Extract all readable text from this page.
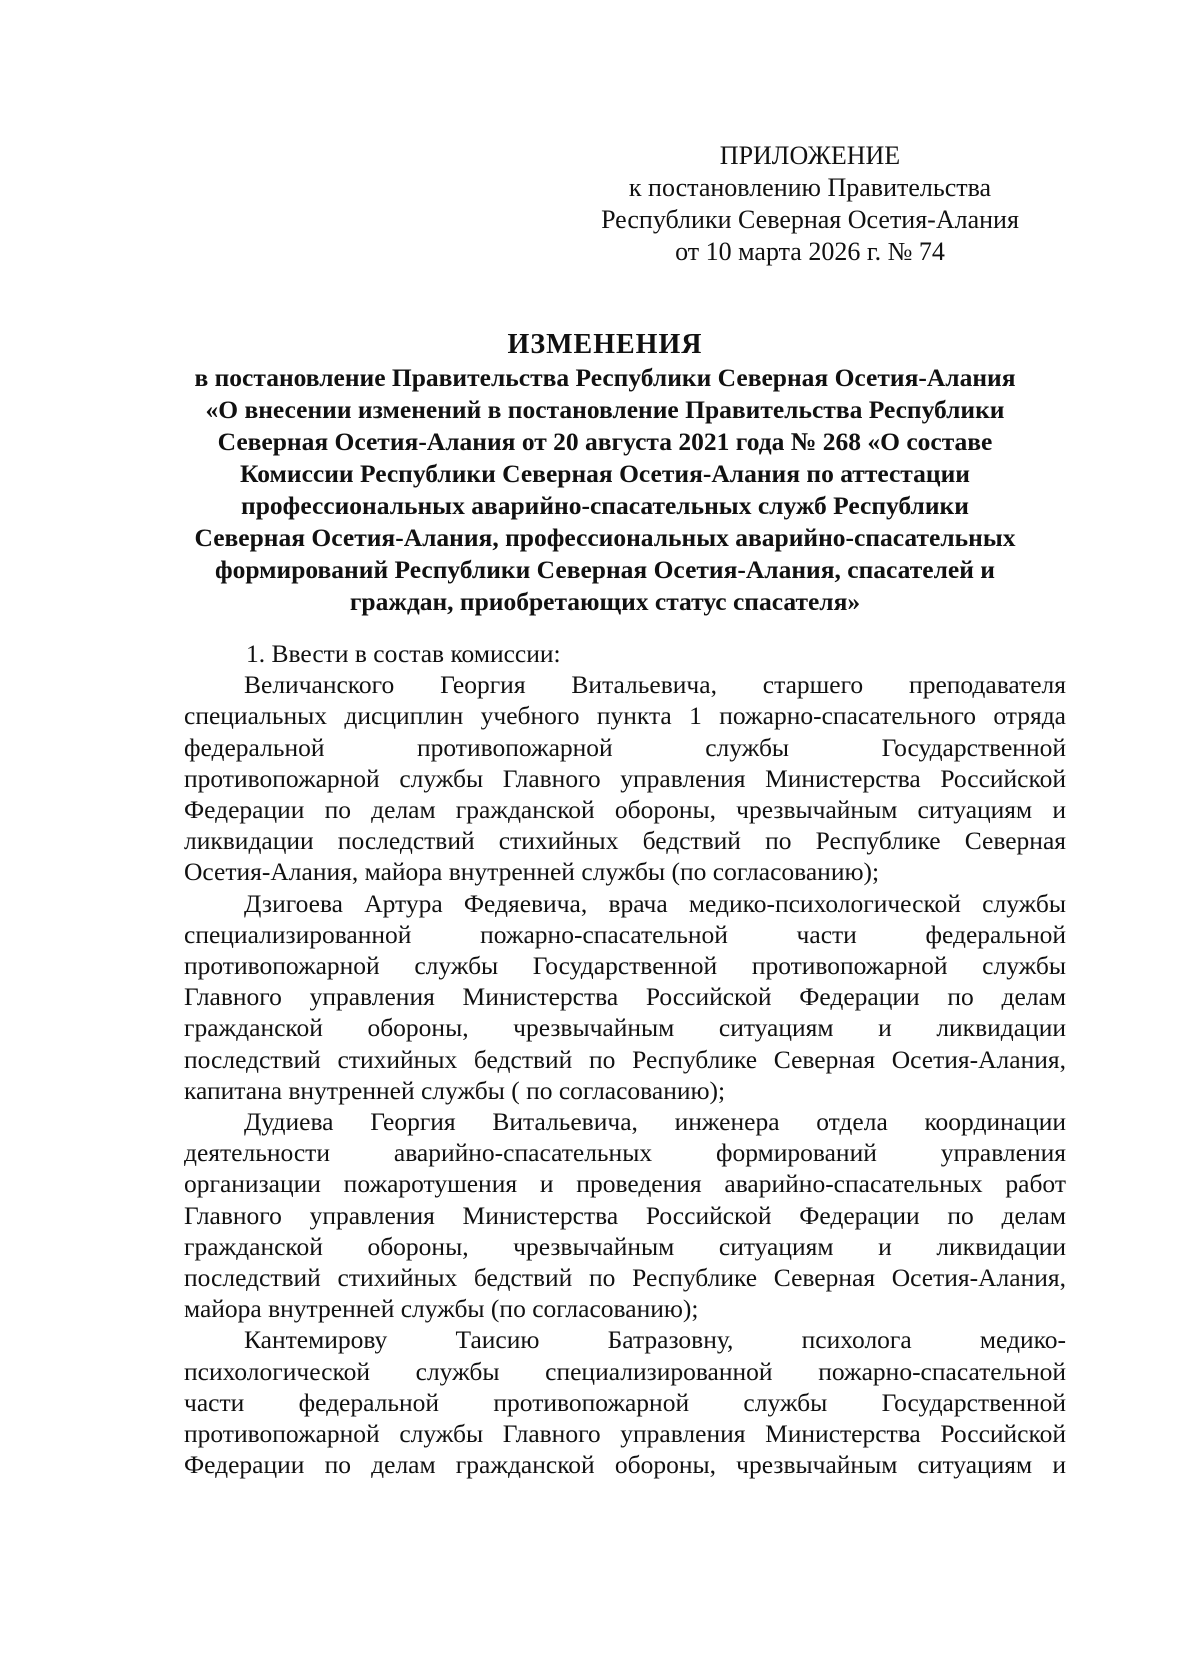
ПРИЛОЖЕНИЕ
к постановлению Правительства
Республики Северная Осетия-Алания
от 10 марта 2026 г. № 74
ИЗМЕНЕНИЯ
в постановление Правительства Республики Северная Осетия-Алания
«О внесении изменений в постановление Правительства Республики
Северная Осетия-Алания от 20 августа 2021 года № 268 «О составе
Комиссии Республики Северная Осетия-Алания по аттестации
профессиональных аварийно-спасательных служб Республики
Северная Осетия-Алания, профессиональных аварийно-спасательных
формирований Республики Северная Осетия-Алания, спасателей и
граждан, приобретающих статус спасателя»
1. Ввести в состав комиссии:
Величанского Георгия Витальевича, старшего преподавателя
специальных дисциплин учебного пункта 1 пожарно-спасательного отряда
федеральной противопожарной службы Государственной
противопожарной службы Главного управления Министерства Российской
Федерации по делам гражданской обороны, чрезвычайным ситуациям и
ликвидации последствий стихийных бедствий по Республике Северная
Осетия-Алания, майора внутренней службы (по согласованию);
Дзигоева Артура Федяевича, врача медико-психологической службы
специализированной пожарно-спасательной части федеральной
противопожарной службы Государственной противопожарной службы
Главного управления Министерства Российской Федерации по делам
гражданской обороны, чрезвычайным ситуациям и ликвидации
последствий стихийных бедствий по Республике Северная Осетия-Алания,
капитана внутренней службы ( по согласованию);
Дудиева Георгия Витальевича, инженера отдела координации
деятельности аварийно-спасательных формирований управления
организации пожаротушения и проведения аварийно-спасательных работ
Главного управления Министерства Российской Федерации по делам
гражданской обороны, чрезвычайным ситуациям и ликвидации
последствий стихийных бедствий по Республике Северная Осетия-Алания,
майора внутренней службы (по согласованию);
Кантемирову Таисию Батразовну, психолога медико-
психологической службы специализированной пожарно-спасательной
части федеральной противопожарной службы Государственной
противопожарной службы Главного управления Министерства Российской
Федерации по делам гражданской обороны, чрезвычайным ситуациям и
